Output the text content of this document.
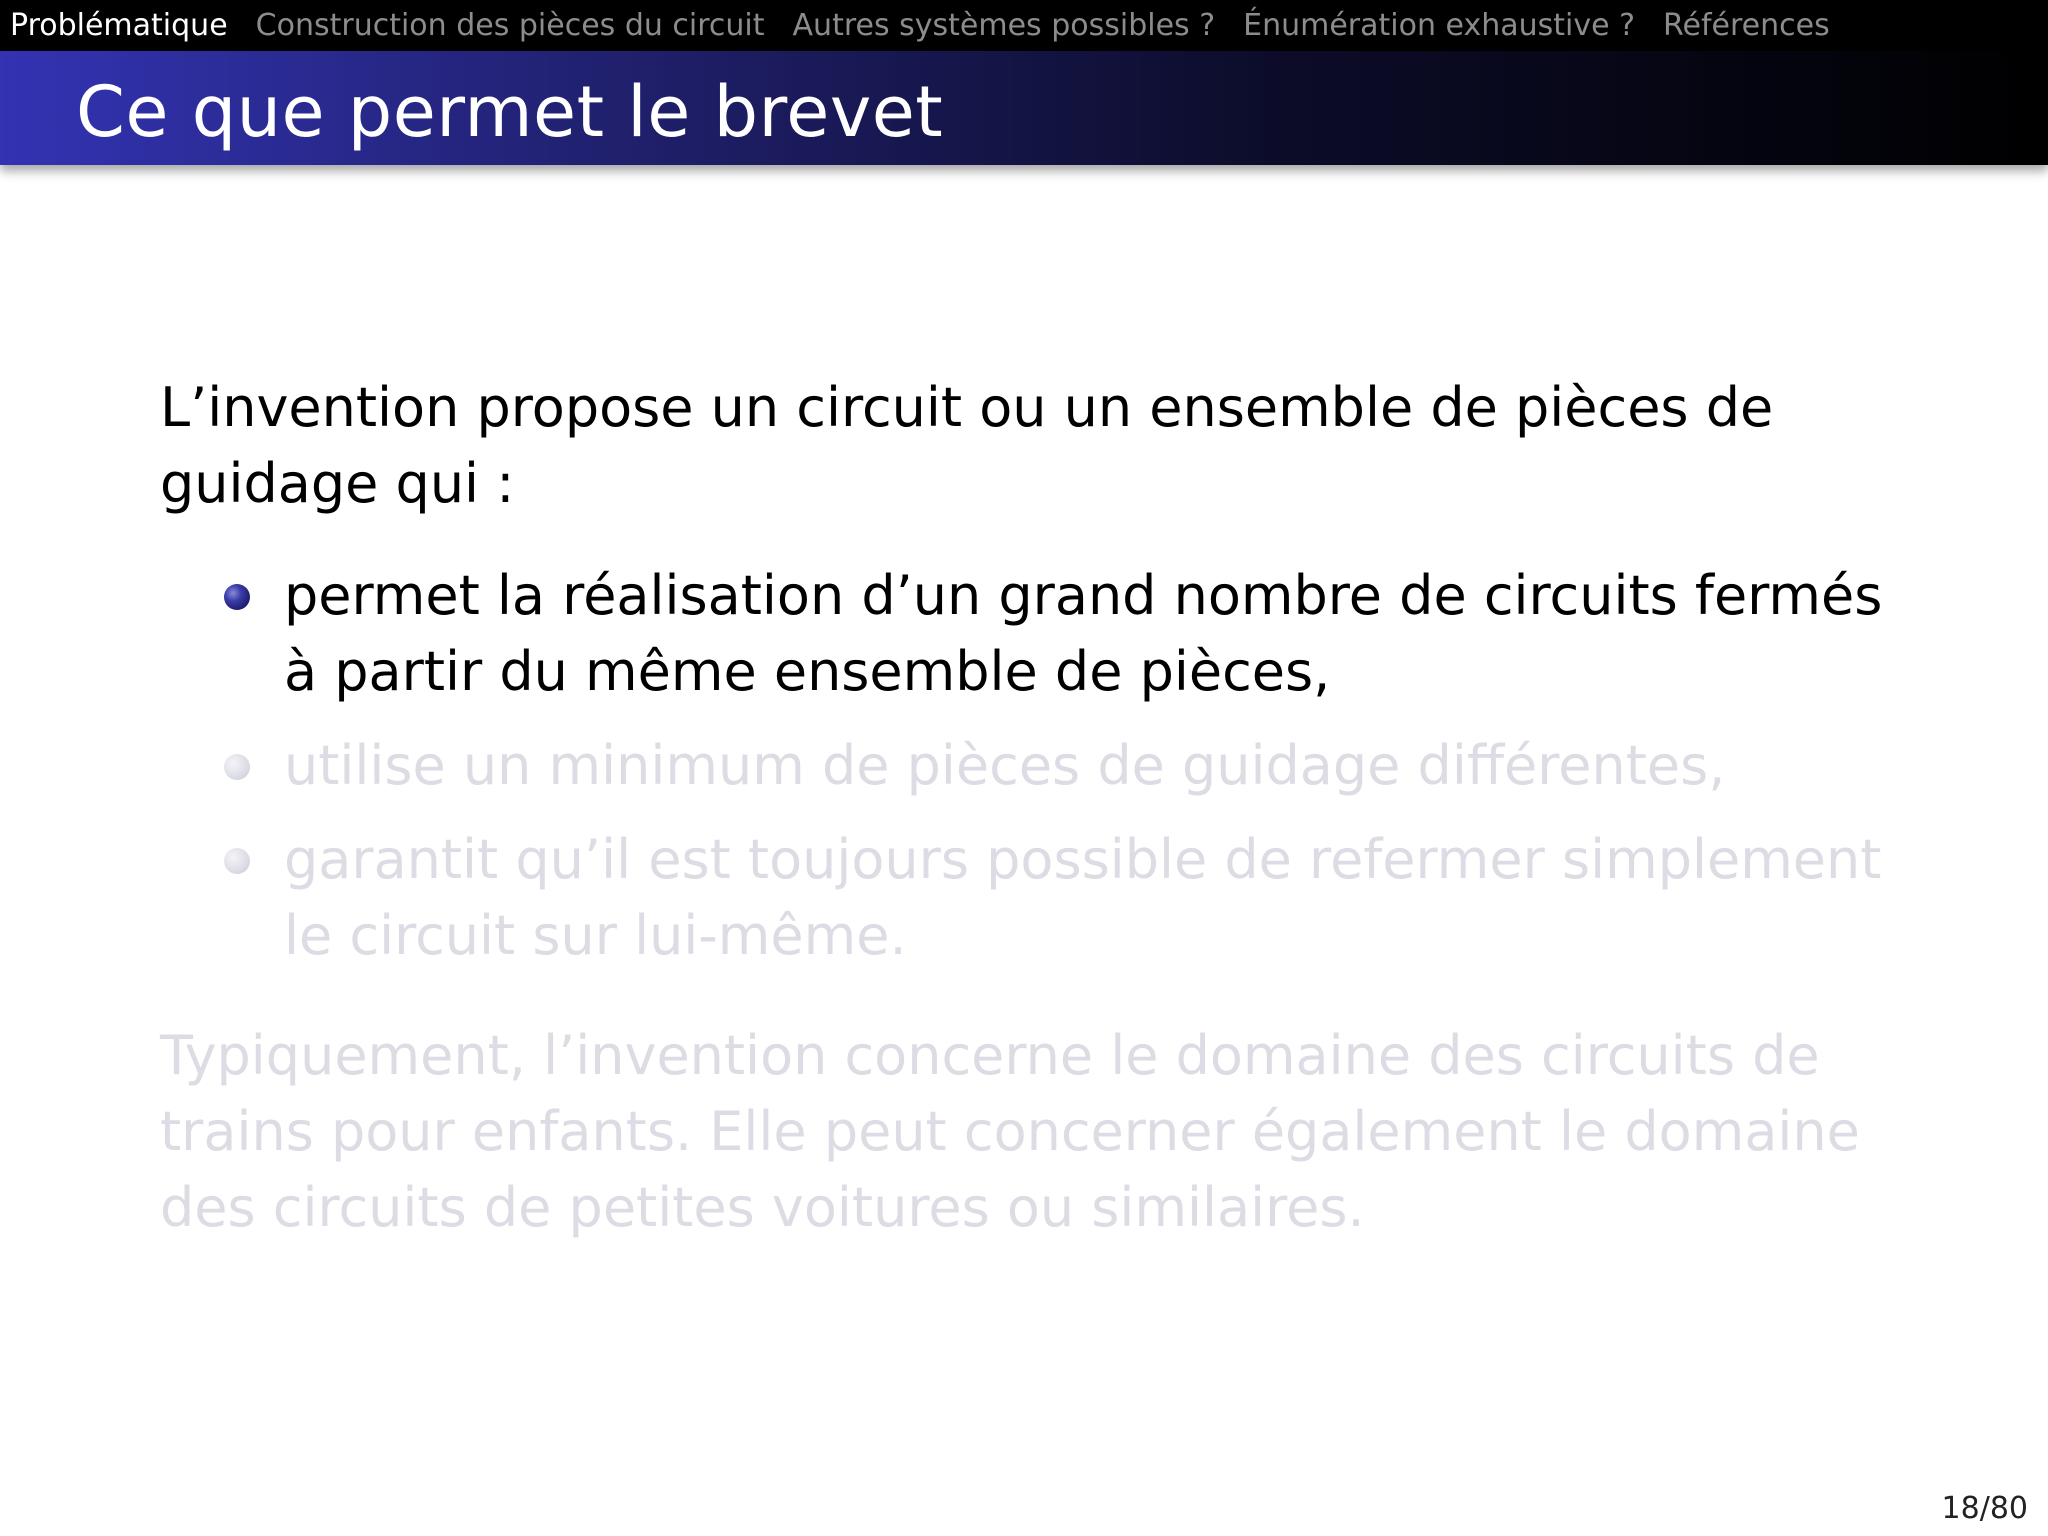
Problématique Construction des pièces du circuit Autres systèmes possibles ? Énumération exhaustive ? Références
Ce que permet le brevet

L’invention propose un circuit ou un ensemble de pièces de guidage qui :

permet la réalisation d’un grand nombre de circuits fermés à partir du même ensemble de pièces,
utilise un minimum de pièces de guidage différentes,
garantit qu’il est toujours possible de refermer simplement le circuit sur lui-même.

Typiquement, l’invention concerne le domaine des circuits de trains pour enfants. Elle peut concerner également le domaine des circuits de petites voitures ou similaires.

18/80
